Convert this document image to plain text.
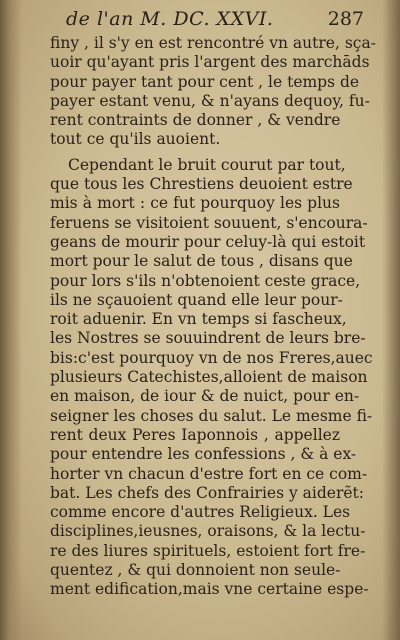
de l'an M. DC. XXVI.	287
finy , il s'y en est rencontré vn autre, sça-
uoir qu'ayant pris l'argent des marchāds
pour payer tant pour cent , le temps de
payer estant venu, & n'ayans dequoy, fu-
rent contraints de donner , & vendre
tout ce qu'ils auoient.
Cependant le bruit courut par tout,
que tous les Chrestiens deuoient estre
mis à mort : ce fut pourquoy les plus
feruens se visitoient souuent, s'encoura-
geans de mourir pour celuy-là qui estoit
mort pour le salut de tous , disans que
pour lors s'ils n'obtenoient ceste grace,
ils ne sçauoient quand elle leur pour-
roit aduenir. En vn temps si fascheux,
les Nostres se souuindrent de leurs bre-
bis:c'est pourquoy vn de nos Freres,auec
plusieurs Catechistes,alloient de maison
en maison, de iour & de nuict, pour en-
seigner les choses du salut. Le mesme fi-
rent deux Peres Iaponnois , appellez
pour entendre les confessions , & à ex-
horter vn chacun d'estre fort en ce com-
bat. Les chefs des Confrairies y aiderẽt:
comme encore d'autres Religieux. Les
disciplines,ieusnes, oraisons, & la lectu-
re des liures spirituels, estoient fort fre-
quentez , & qui donnoient non seule-
ment edification,mais vne certaine espe-
